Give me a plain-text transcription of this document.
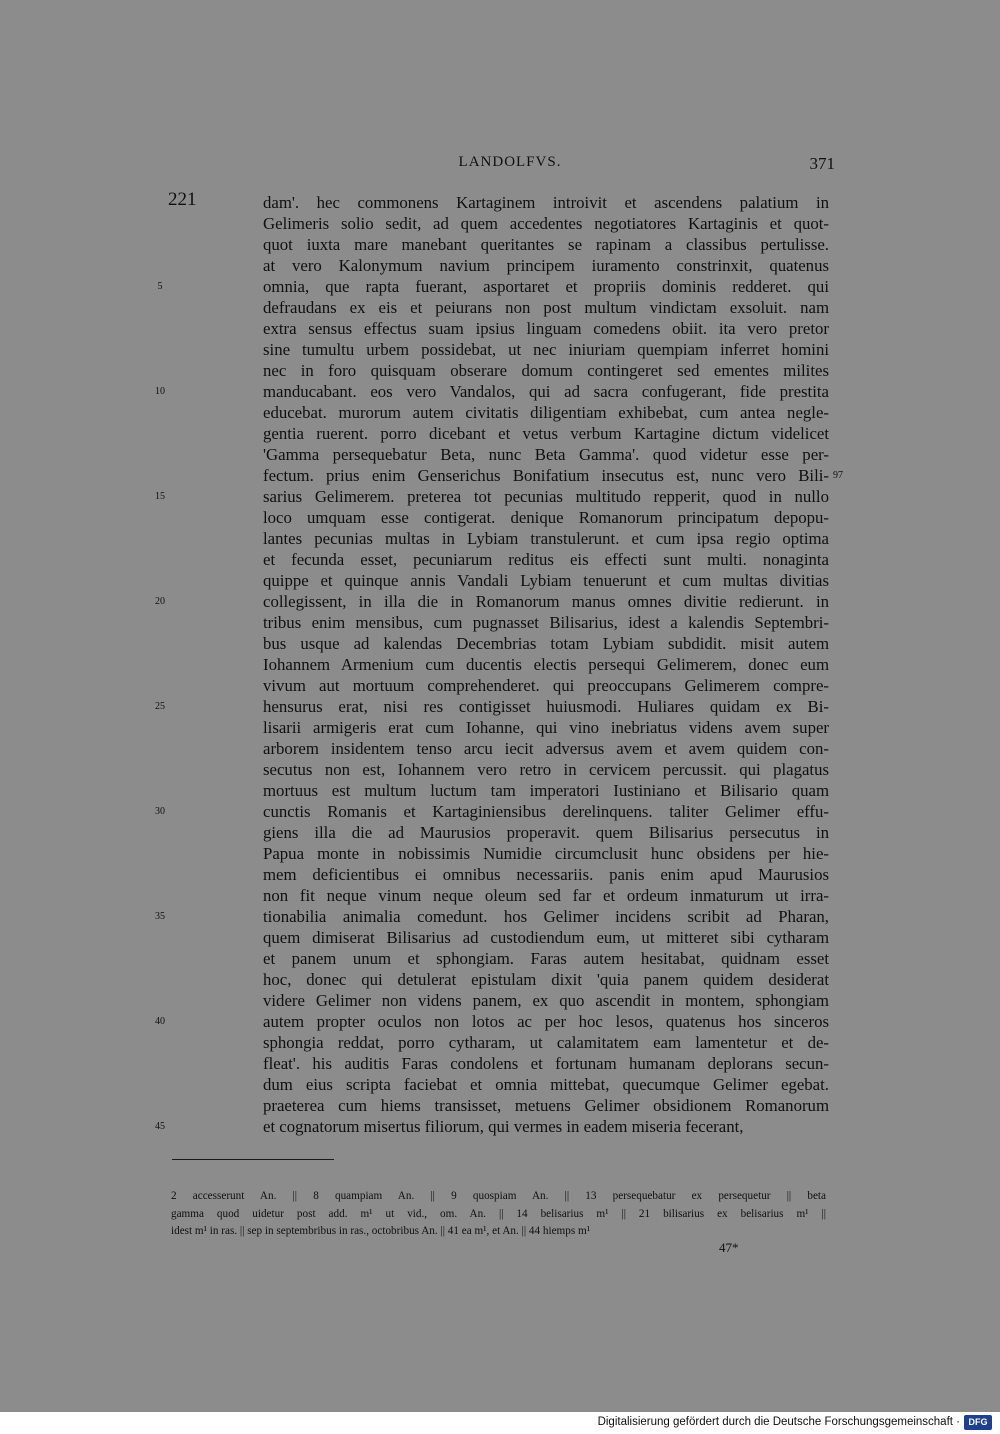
LANDOLFVS.	371
221	dam'. hec commonens Kartaginem introivit et ascendens palatium in
Gelimeris solio sedit, ad quem accedentes negotiatores Kartaginis et quot-
quot iuxta mare manebant queritantes se rapinam a classibus pertulisse.
at vero Kalonymum navium principem iuramento constrinxit, quatenus
omnia, que rapta fuerant, asportaret et propriis dominis redderet. qui
defraudans ex eis et peiurans non post multum vindictam exsoluit. nam
extra sensus effectus suam ipsius linguam comedens obiit. ita vero pretor
sine tumultu urbem possidebat, ut nec iniuriam quempiam inferret homini
nec in foro quisquam obserare domum contingeret sed ementes milites
manducabant. eos vero Vandalos, qui ad sacra confugerant, fide prestita
educebat. murorum autem civitatis diligentiam exhibebat, cum antea negle-
gentia ruerent. porro dicebant et vetus verbum Kartagine dictum videlicet
'Gamma persequebatur Beta, nunc Beta Gamma'. quod videtur esse per-
fectum. prius enim Genserichus Bonifatium insecutus est, nunc vero Bili-
sarius Gelimerem. preterea tot pecunias multitudo repperit, quod in nullo
loco umquam esse contigerat. denique Romanorum principatum depopu-
lantes pecunias multas in Lybiam transtulerunt. et cum ipsa regio optima
et fecunda esset, pecuniarum reditus eis effecti sunt multi. nonaginta
quippe et quinque annis Vandali Lybiam tenuerunt et cum multas divitias
collegissent, in illa die in Romanorum manus omnes divitie redierunt. in
tribus enim mensibus, cum pugnasset Bilisarius, idest a kalendis Septembri-
bus usque ad kalendas Decembrias totam Lybiam subdidit. misit autem
Iohannem Armenium cum ducentis electis persequi Gelimerem, donec eum
vivum aut mortuum comprehenderet. qui preoccupans Gelimerem compre-
hensurus erat, nisi res contigisset huiusmodi. Huliares quidam ex Bi-
lisarii armigeris erat cum Iohanne, qui vino inebriatus videns avem super
arborem insidentem tenso arcu iecit adversus avem et avem quidem con-
secutus non est, Iohannem vero retro in cervicem percussit. qui plagatus
mortuus est multum luctum tam imperatori Iustiniano et Bilisario quam
cunctis Romanis et Kartaginiensibus derelinquens. taliter Gelimer effu-
giens illa die ad Maurusios properavit. quem Bilisarius persecutus in
Papua monte in nobissimis Numidie circumclusit hunc obsidens per hie-
mem deficientibus ei omnibus necessariis. panis enim apud Maurusios
non fit neque vinum neque oleum sed far et ordeum inmaturum ut irra-
tionabilia animalia comedunt. hos Gelimer incidens scribit ad Pharan,
quem dimiserat Bilisarius ad custodiendum eum, ut mitteret sibi cytharam
et panem unum et sphongiam. Faras autem hesitabat, quidnam esset
hoc, donec qui detulerat epistulam dixit 'quia panem quidem desiderat
videre Gelimer non videns panem, ex quo ascendit in montem, sphongiam
autem propter oculos non lotos ac per hoc lesos, quatenus hos sinceros
sphongia reddat, porro cytharam, ut calamitatem eam lamentetur et de-
fleat'. his auditis Faras condolens et fortunam humanam deplorans secun-
dum eius scripta faciebat et omnia mittebat, quecumque Gelimer egebat.
praeterea cum hiems transisset, metuens Gelimer obsidionem Romanorum
et cognatorum misertus filiorum, qui vermes in eadem miseria fecerant,
5
10
15
20
25
30
35
40
45
97
2 accesserunt An. || 8 quampiam An. || 9 quospiam An. || 13 persequebatur ex persequetur || beta
gamma quod uidetur post add. m¹ ut vid., om. An. || 14 belisarius m¹ || 21 bilisarius ex belisarius m¹ ||
idest m¹ in ras. || sep in septembribus in ras., octobribus An. || 41 ea m¹, et An. || 44 hiemps m¹
47*
Digitalisierung gefördert durch die Deutsche Forschungsgemeinschaft · DFG
